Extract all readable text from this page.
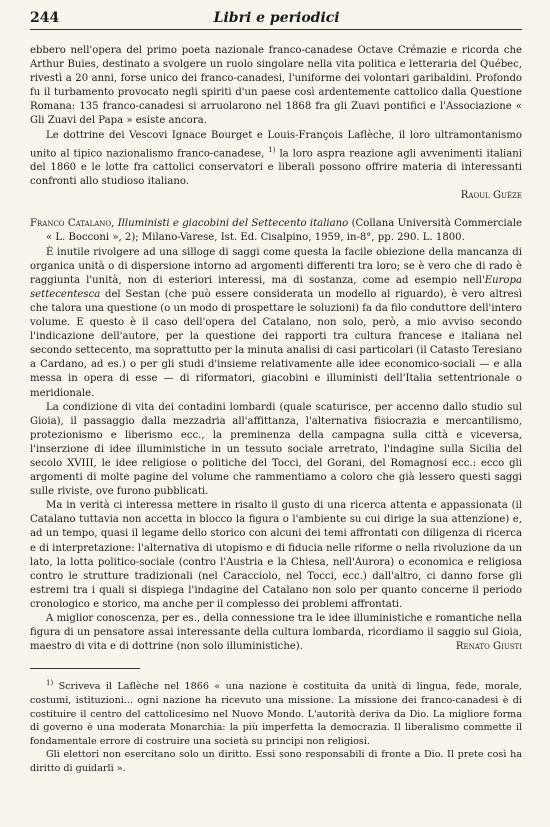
244	Libri e periodici

ebbero nell'opera del primo poeta nazionale franco-canadese Octave Crémazie e ricorda che Arthur Buies, destinato a svolgere un ruolo singolare nella vita politica e letteraria del Québec, rivestì a 20 anni, forse unico dei franco-canadesi, l'uniforme dei volontari garibaldini. Profondo fu il turbamento provocato negli spiriti d'un paese così ardentemente cattolico dalla Questione Romana: 135 franco-canadesi si arruolarono nel 1868 fra gli Zuavi pontifici e l'Associazione « Gli Zuavi del Papa » esiste ancora.

Le dottrine dei Vescovi Ignace Bourget e Louis-François Laflèche, il loro ultramontanismo unito al tipico nazionalismo franco-canadese, $^{1)}$ la loro aspra reazione agli avvenimenti italiani del 1860 e le lotte fra cattolici conservatori e liberali possono offrire materia di interessanti confronti allo studioso italiano.

Raoul Guêze

Franco Catalano, Illuministi e giacobini del Settecento italiano (Collana Università Commerciale « L. Bocconi », 2); Milano-Varese, Ist. Ed. Cisalpino, 1959, in-8°, pp. 290. L. 1800.

È inutile rivolgere ad una silloge di saggi come questa la facile obiezione della mancanza di organica unità o di dispersione intorno ad argomenti differenti tra loro; se è vero che di rado è raggiunta l'unità, non di esteriori interessi, ma di sostanza, come ad esempio nell'Europa settecentesca del Sestan (che può essere considerata un modello al riguardo), è vero altresì che talora una questione (o un modo di prospettare le soluzioni) fa da filo conduttore dell'intero volume. E questo è il caso dell'opera del Catalano, non solo, però, a mio avviso secondo l'indicazione dell'autore, per la questione dei rapporti tra cultura francese e italiana nel secondo settecento, ma soprattutto per la minuta analisi di casi particolari (il Catasto Teresiano a Cardano, ad es.) o per gli studi d'insieme relativamente alle idee economico-sociali — e alla messa in opera di esse — di riformatori, giacobini e illuministi dell'Italia settentrionale o meridionale.

La condizione di vita dei contadini lombardi (quale scaturisce, per accenno dallo studio sul Gioia), il passaggio dalla mezzadria all'affittanza, l'alternativa fisiocrazia e mercantilismo, protezionismo e liberismo ecc., la preminenza della campagna sulla città e viceversa, l'inserzione di idee illuministiche in un tessuto sociale arretrato, l'indagine sulla Sicilia del secolo XVIII, le idee religiose o politiche del Tocci, del Gorani, del Romagnosi ecc.: ecco gli argomenti di molte pagine del volume che rammentiamo a coloro che già lessero questi saggi sulle riviste, ove furono pubblicati.

Ma in verità ci interessa mettere in risalto il gusto di una ricerca attenta e appassionata (il Catalano tuttavia non accetta in blocco la figura o l'ambiente su cui dirige la sua attenzione) e, ad un tempo, quasi il legame dello storico con alcuni dei temi affrontati con diligenza di ricerca e di interpretazione: l'alternativa di utopismo e di fiducia nelle riforme o nella rivoluzione da un lato, la lotta politico-sociale (contro l'Austria e la Chiesa, nell'Aurora) o economica e religiosa contro le strutture tradizionali (nel Caracciolo, nel Tocci, ecc.) dall'altro, ci danno forse gli estremi tra i quali si dispiega l'indagine del Catalano non solo per quanto concerne il periodo cronologico e storico, ma anche per il complesso dei problemi affrontati.

A miglior conoscenza, per es., della connessione tra le idee illuministiche e romantiche nella figura di un pensatore assai interessante della cultura lombarda, ricordiamo il saggio sul Gioia, maestro di vita e di dottrine (non solo illuministiche).	Renato Giusti

$^{1)}$ Scriveva il Laflèche nel 1866 « una nazione è costituita da unità di lingua, fede, morale, costumi, istituzioni... ogni nazione ha ricevuto una missione. La missione dei franco-canadesi è di costituire il centro del cattolicesimo nel Nuovo Mondo. L'autorità deriva da Dio. La migliore forma di governo è una moderata Monarchia: la più imperfetta la democrazia. Il liberalismo commette il fondamentale errore di costruire una società su principi non religiosi.

Gli elettori non esercitano solo un diritto. Essi sono responsabili di fronte a Dio. Il prete così ha diritto di guidarli ».
